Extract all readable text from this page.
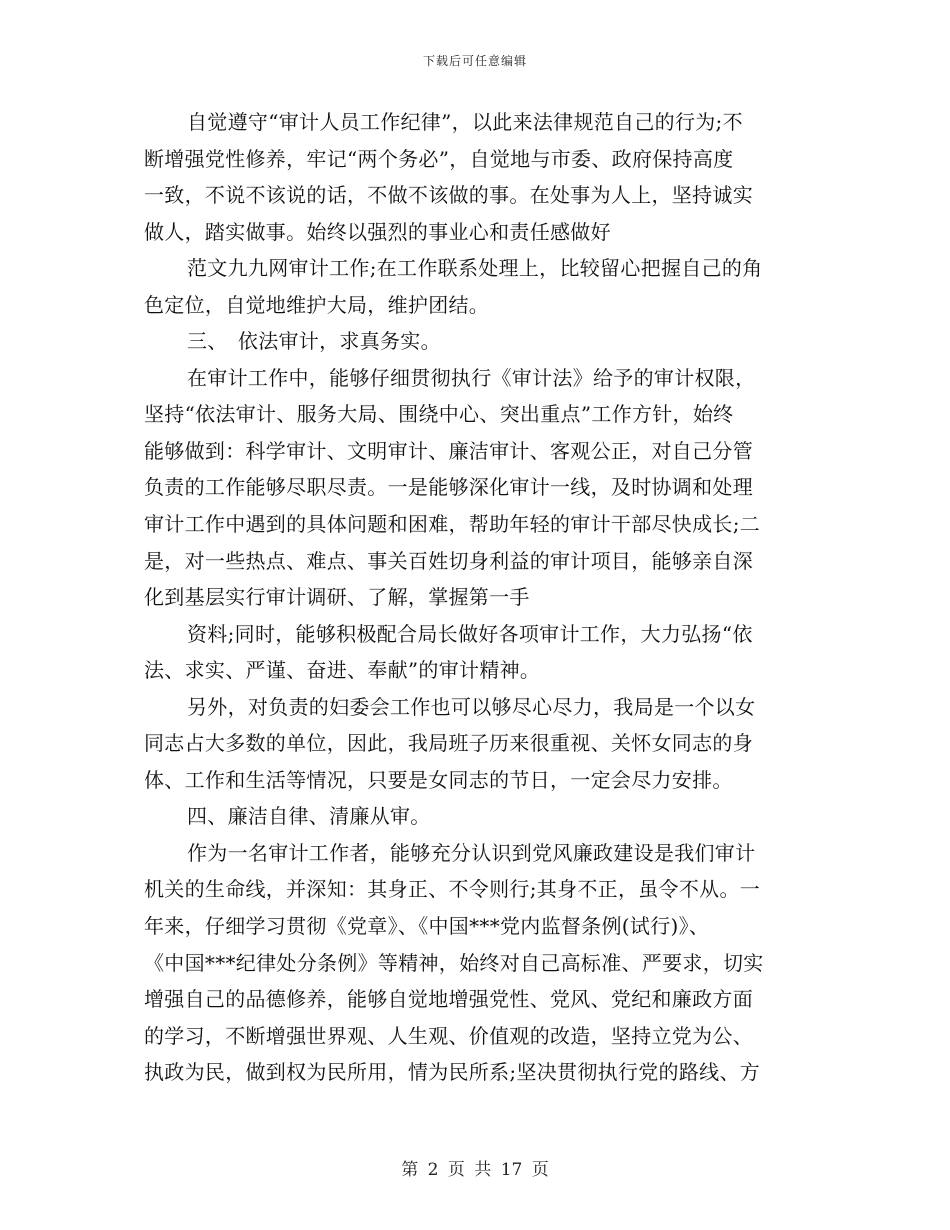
下载后可任意编辑
自觉遵守“审计人员工作纪律”，以此来法律规范自己的行为;不
断增强党性修养，牢记“两个务必”，自觉地与市委、政府保持高度
一致，不说不该说的话，不做不该做的事。在处事为人上，坚持诚实
做人，踏实做事。始终以强烈的事业心和责任感做好
范文九九网审计工作;在工作联系处理上，比较留心把握自己的角
色定位，自觉地维护大局，维护团结。
三、　依法审计，求真务实。
在审计工作中，能够仔细贯彻执行《审计法》给予的审计权限，
坚持“依法审计、服务大局、围绕中心、突出重点”工作方针，始终
能够做到：科学审计、文明审计、廉洁审计、客观公正，对自己分管
负责的工作能够尽职尽责。一是能够深化审计一线，及时协调和处理
审计工作中遇到的具体问题和困难，帮助年轻的审计干部尽快成长;二
是，对一些热点、难点、事关百姓切身利益的审计项目，能够亲自深
化到基层实行审计调研、了解，掌握第一手
资料;同时，能够积极配合局长做好各项审计工作，大力弘扬“依
法、求实、严谨、奋进、奉献”的审计精神。
另外，对负责的妇委会工作也可以够尽心尽力，我局是一个以女
同志占大多数的单位，因此，我局班子历来很重视、关怀女同志的身
体、工作和生活等情况，只要是女同志的节日，一定会尽力安排。
四、廉洁自律、清廉从审。
作为一名审计工作者，能够充分认识到党风廉政建设是我们审计
机关的生命线，并深知：其身正、不令则行;其身不正，虽令不从。一
年来，仔细学习贯彻《党章》、《中国***党内监督条例(试行)》、
《中国***纪律处分条例》等精神，始终对自己高标准、严要求，切实
增强自己的品德修养，能够自觉地增强党性、党风、党纪和廉政方面
的学习，不断增强世界观、人生观、价值观的改造，坚持立党为公、
执政为民，做到权为民所用，情为民所系;坚决贯彻执行党的路线、方
第 2 页 共 17 页
